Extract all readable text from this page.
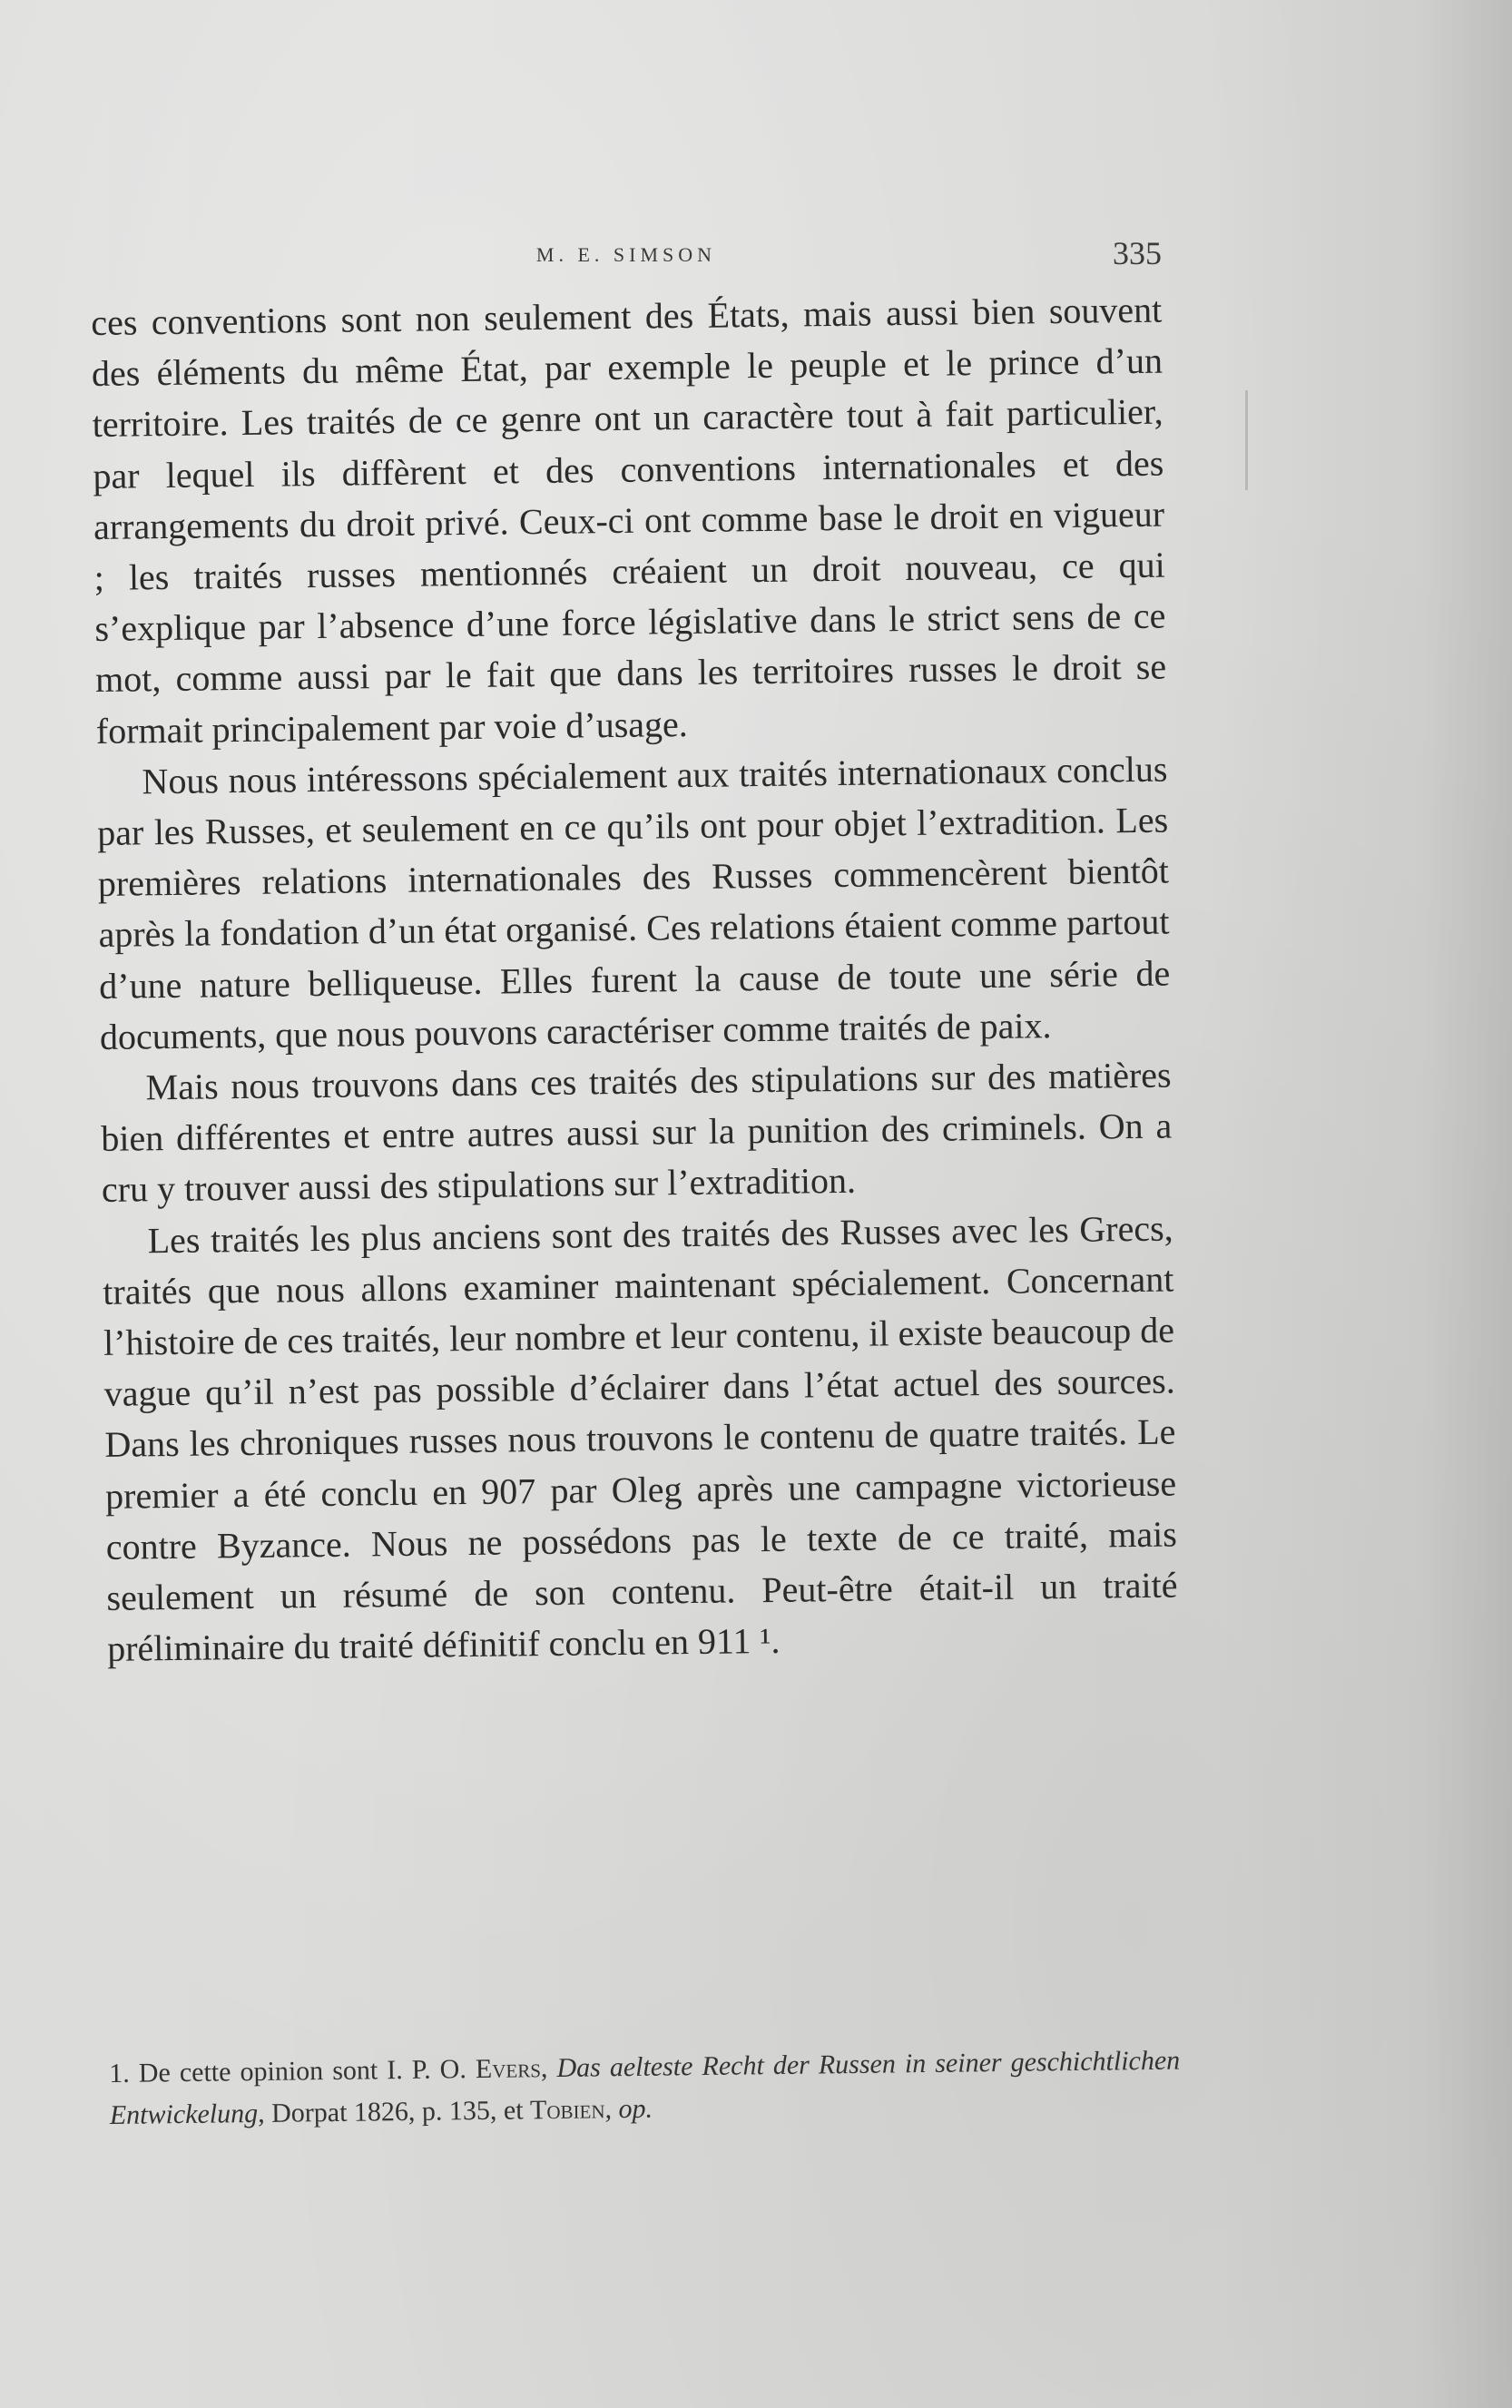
M. E. SIMSON	335

ces conventions sont non seulement des États, mais aussi bien souvent des éléments du même État, par exemple le peuple et le prince d’un territoire. Les traités de ce genre ont un caractère tout à fait particulier, par lequel ils diffèrent et des conventions internationales et des arrangements du droit privé. Ceux-ci ont comme base le droit en vigueur ; les traités russes mentionnés créaient un droit nouveau, ce qui s’explique par l’absence d’une force législative dans le strict sens de ce mot, comme aussi par le fait que dans les territoires russes le droit se formait principalement par voie d’usage.

Nous nous intéressons spécialement aux traités internationaux conclus par les Russes, et seulement en ce qu’ils ont pour objet l’extradition. Les premières relations internationales des Russes commencèrent bientôt après la fondation d’un état organisé. Ces relations étaient comme partout d’une nature belliqueuse. Elles furent la cause de toute une série de documents, que nous pouvons caractériser comme traités de paix.

Mais nous trouvons dans ces traités des stipulations sur des matières bien différentes et entre autres aussi sur la punition des criminels. On a cru y trouver aussi des stipulations sur l’extradition.

Les traités les plus anciens sont des traités des Russes avec les Grecs, traités que nous allons examiner maintenant spécialement. Concernant l’histoire de ces traités, leur nombre et leur contenu, il existe beaucoup de vague qu’il n’est pas possible d’éclairer dans l’état actuel des sources. Dans les chroniques russes nous trouvons le contenu de quatre traités. Le premier a été conclu en 907 par Oleg après une campagne victorieuse contre Byzance. Nous ne possédons pas le texte de ce traité, mais seulement un résumé de son contenu. Peut-être était-il un traité préliminaire du traité définitif conclu en 911 ¹.

1. De cette opinion sont I. P. O. Evers, Das aelteste Recht der Russen in seiner geschichtlichen Entwickelung, Dorpat 1826, p. 135, et Tobien, op.
